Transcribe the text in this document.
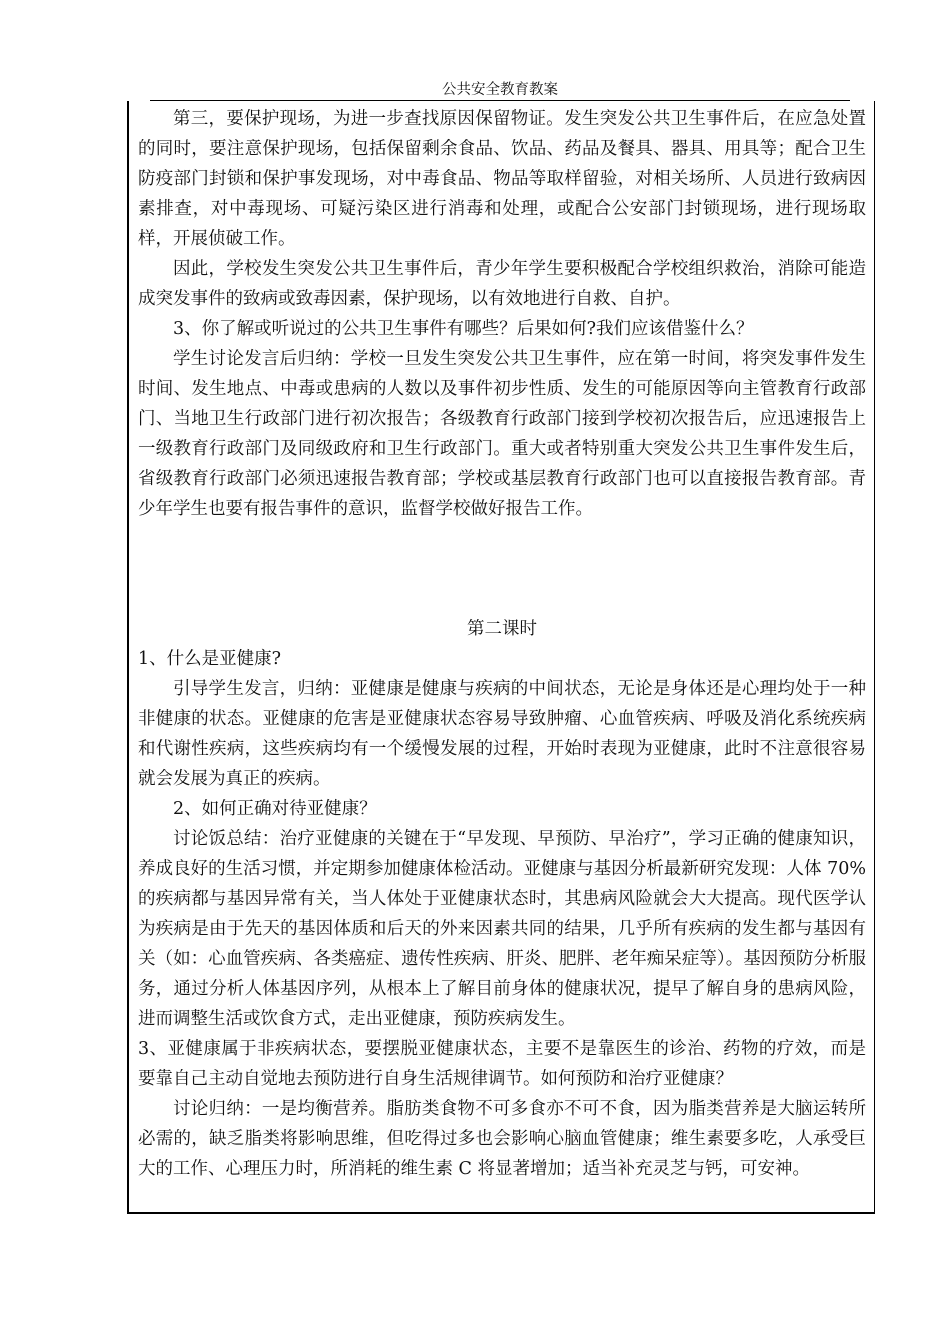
公共安全教育教案

第三，要保护现场，为进一步查找原因保留物证。发生突发公共卫生事件后，在应急处置的同时，要注意保护现场，包括保留剩余食品、饮品、药品及餐具、器具、用具等；配合卫生防疫部门封锁和保护事发现场，对中毒食品、物品等取样留验，对相关场所、人员进行致病因素排查，对中毒现场、可疑污染区进行消毒和处理，或配合公安部门封锁现场，进行现场取样，开展侦破工作。

因此，学校发生突发公共卫生事件后，青少年学生要积极配合学校组织救治，消除可能造成突发事件的致病或致毒因素，保护现场，以有效地进行自救、自护。

3、你了解或听说过的公共卫生事件有哪些？后果如何?我们应该借鉴什么？

学生讨论发言后归纳：学校一旦发生突发公共卫生事件，应在第一时间，将突发事件发生时间、发生地点、中毒或患病的人数以及事件初步性质、发生的可能原因等向主管教育行政部门、当地卫生行政部门进行初次报告；各级教育行政部门接到学校初次报告后，应迅速报告上一级教育行政部门及同级政府和卫生行政部门。重大或者特别重大突发公共卫生事件发生后，省级教育行政部门必须迅速报告教育部；学校或基层教育行政部门也可以直接报告教育部。青少年学生也要有报告事件的意识，监督学校做好报告工作。

第二课时

1、什么是亚健康?

引导学生发言，归纳：亚健康是健康与疾病的中间状态，无论是身体还是心理均处于一种非健康的状态。亚健康的危害是亚健康状态容易导致肿瘤、心血管疾病、呼吸及消化系统疾病和代谢性疾病，这些疾病均有一个缓慢发展的过程，开始时表现为亚健康，此时不注意很容易就会发展为真正的疾病。

2、如何正确对待亚健康？

讨论饭总结：治疗亚健康的关键在于“早发现、早预防、早治疗”，学习正确的健康知识，养成良好的生活习惯，并定期参加健康体检活动。亚健康与基因分析最新研究发现：人体 70%的疾病都与基因异常有关，当人体处于亚健康状态时，其患病风险就会大大提高。现代医学认为疾病是由于先天的基因体质和后天的外来因素共同的结果，几乎所有疾病的发生都与基因有关（如：心血管疾病、各类癌症、遗传性疾病、肝炎、肥胖、老年痴呆症等）。基因预防分析服务，通过分析人体基因序列，从根本上了解目前身体的健康状况，提早了解自身的患病风险，进而调整生活或饮食方式，走出亚健康，预防疾病发生。

3、亚健康属于非疾病状态，要摆脱亚健康状态，主要不是靠医生的诊治、药物的疗效，而是要靠自己主动自觉地去预防进行自身生活规律调节。如何预防和治疗亚健康？

讨论归纳：一是均衡营养。脂肪类食物不可多食亦不可不食，因为脂类营养是大脑运转所必需的，缺乏脂类将影响思维，但吃得过多也会影响心脑血管健康；维生素要多吃，人承受巨大的工作、心理压力时，所消耗的维生素 C 将显著增加；适当补充灵芝与钙，可安神。
